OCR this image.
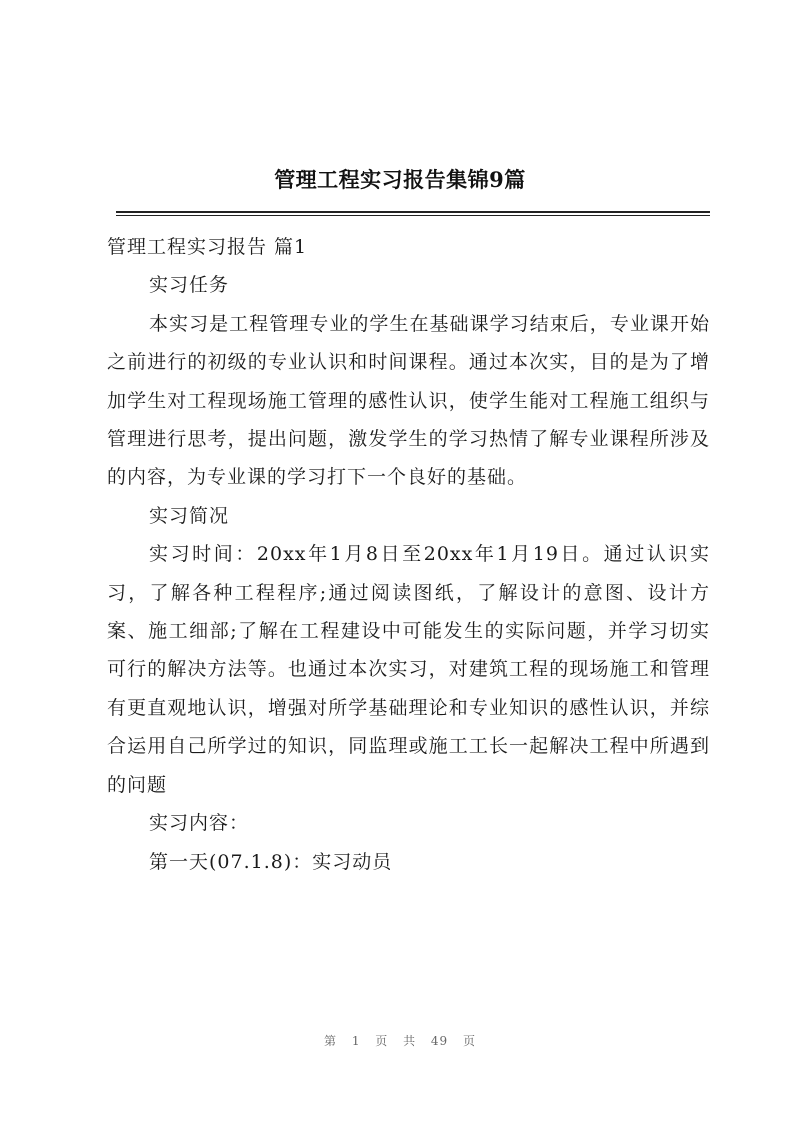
管理工程实习报告集锦9篇

管理工程实习报告 篇1

实习任务

本实习是工程管理专业的学生在基础课学习结束后，专业课开始之前进行的初级的专业认识和时间课程。通过本次实，目的是为了增加学生对工程现场施工管理的感性认识，使学生能对工程施工组织与管理进行思考，提出问题，激发学生的学习热情了解专业课程所涉及的内容，为专业课的学习打下一个良好的基础。

实习简况

实习时间：20xx年1月8日至20xx年1月19日。通过认识实习，了解各种工程程序;通过阅读图纸，了解设计的意图、设计方案、施工细部;了解在工程建设中可能发生的实际问题，并学习切实可行的解决方法等。也通过本次实习，对建筑工程的现场施工和管理有更直观地认识，增强对所学基础理论和专业知识的感性认识，并综合运用自己所学过的知识，同监理或施工工长一起解决工程中所遇到的问题

实习内容：

第一天(07.1.8)：实习动员

第 1 页 共 49 页
